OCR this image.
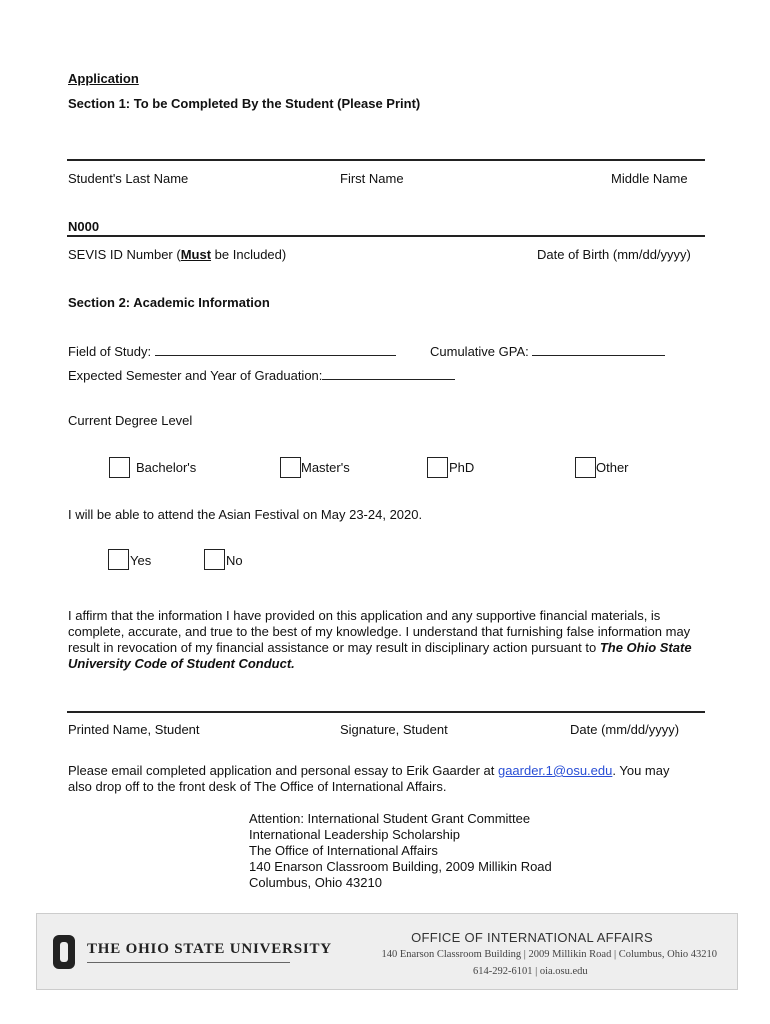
Application
Section 1: To be Completed By the Student (Please Print)
Student's Last Name	First Name	Middle Name
N000
SEVIS ID Number (Must be Included)	Date of Birth (mm/dd/yyyy)
Section 2: Academic Information
Field of Study:	Cumulative GPA:
Expected Semester and Year of Graduation:
Current Degree Level
Bachelor's	Master's	PhD	Other
I will be able to attend the Asian Festival on May 23-24, 2020.
Yes	No
I affirm that the information I have provided on this application and any supportive financial materials, is complete, accurate, and true to the best of my knowledge. I understand that furnishing false information may result in revocation of my financial assistance or may result in disciplinary action pursuant to The Ohio State University Code of Student Conduct.
Printed Name, Student	Signature, Student	Date (mm/dd/yyyy)
Please email completed application and personal essay to Erik Gaarder at gaarder.1@osu.edu. You may also drop off to the front desk of The Office of International Affairs.
Attention: International Student Grant Committee
International Leadership Scholarship
The Office of International Affairs
140 Enarson Classroom Building, 2009 Millikin Road
Columbus, Ohio 43210
THE OHIO STATE UNIVERSITY
OFFICE OF INTERNATIONAL AFFAIRS
140 Enarson Classroom Building | 2009 Millikin Road | Columbus, Ohio 43210
614-292-6101 | oia.osu.edu
